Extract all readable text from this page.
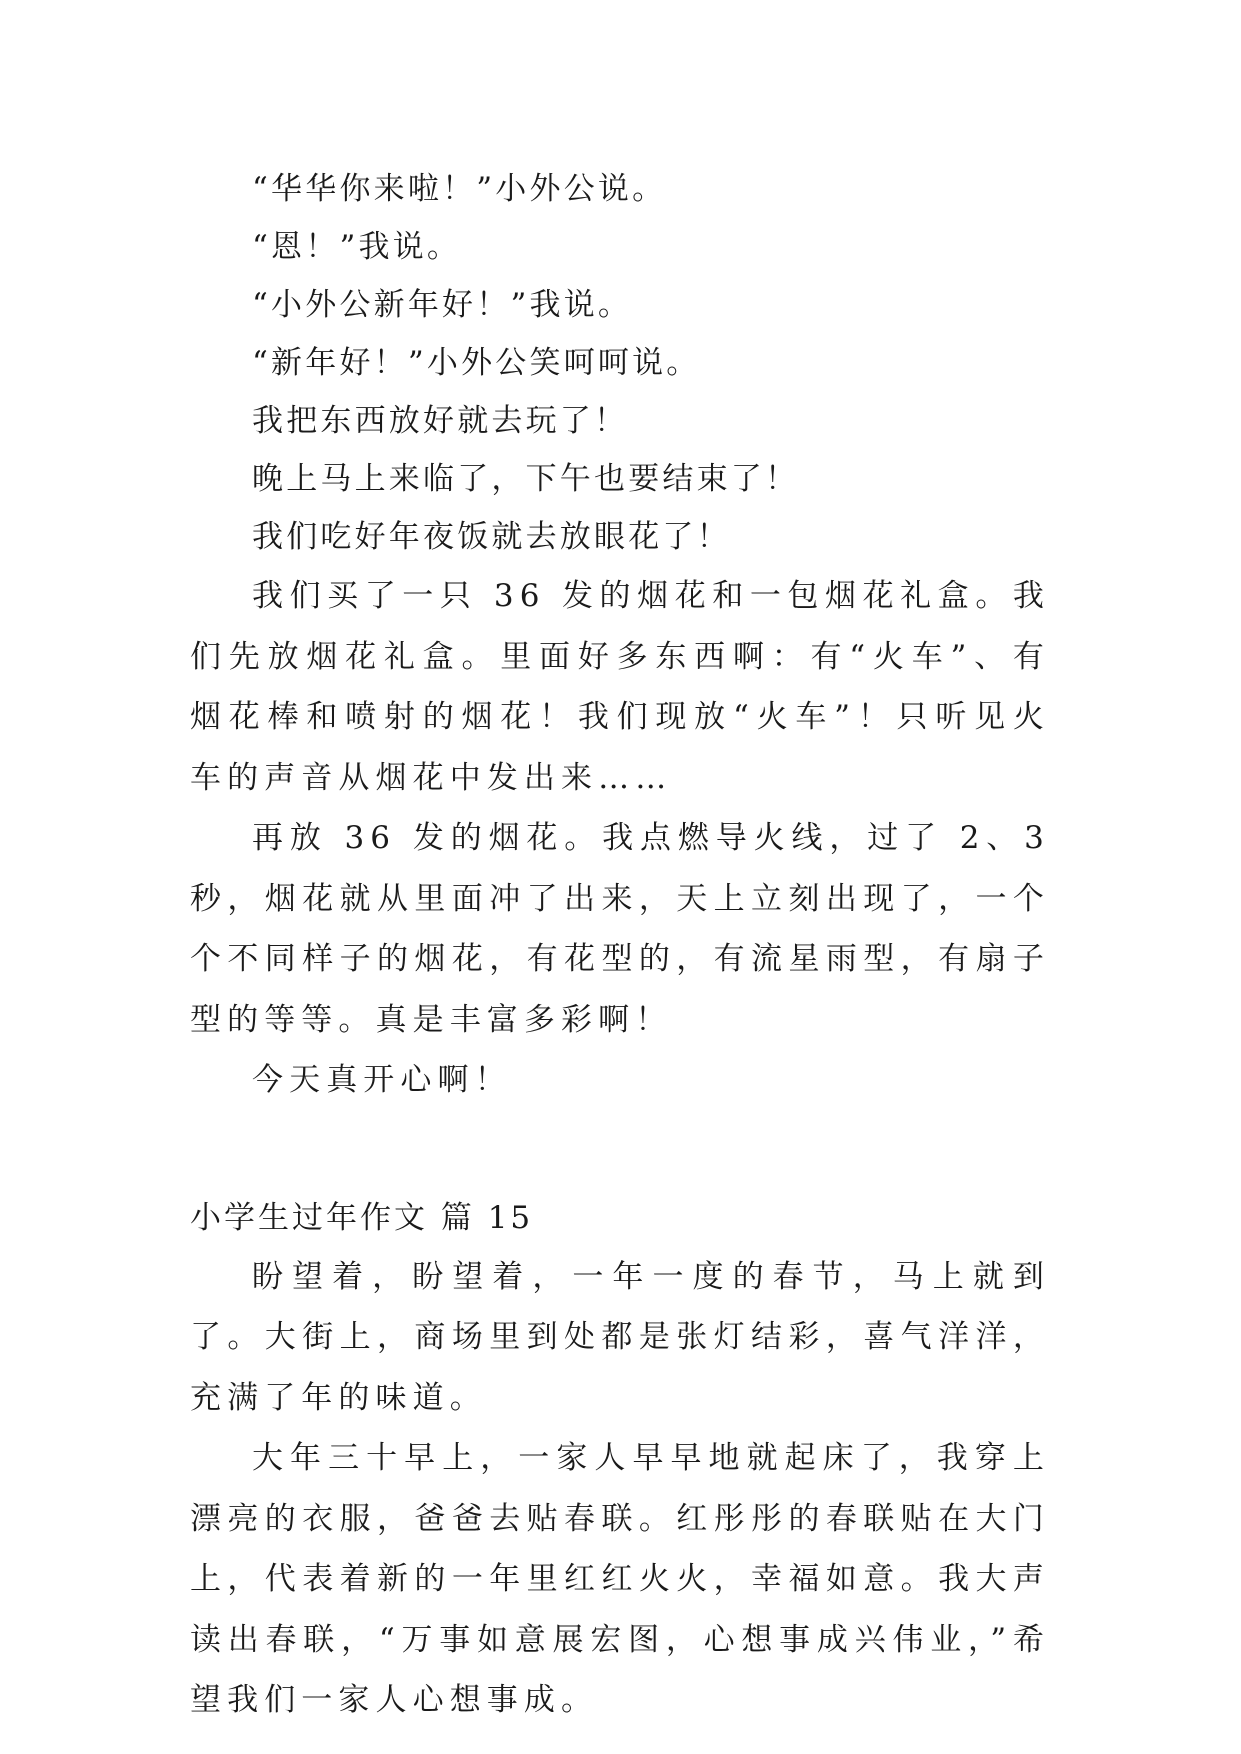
“华华你来啦！”小外公说。
“恩！”我说。
“小外公新年好！”我说。
“新年好！”小外公笑呵呵说。
我把东西放好就去玩了！
晚上马上来临了，下午也要结束了！
我们吃好年夜饭就去放眼花了！

我们买了一只 36 发的烟花和一包烟花礼盒。我们先放烟花礼盒。里面好多东西啊：有“火车”、有烟花棒和喷射的烟花！我们现放“火车”！只听见火车的声音从烟花中发出来……

再放 36 发的烟花。我点燃导火线，过了 2、3 秒，烟花就从里面冲了出来，天上立刻出现了，一个个不同样子的烟花，有花型的，有流星雨型，有扇子型的等等。真是丰富多彩啊！

今天真开心啊！

小学生过年作文 篇 15

盼望着，盼望着，一年一度的春节，马上就到了。大街上，商场里到处都是张灯结彩，喜气洋洋，充满了年的味道。

大年三十早上，一家人早早地就起床了，我穿上漂亮的衣服，爸爸去贴春联。红彤彤的春联贴在大门上，代表着新的一年里红红火火，幸福如意。我大声读出春联，“万事如意展宏图，心想事成兴伟业，”希望我们一家人心想事成。
